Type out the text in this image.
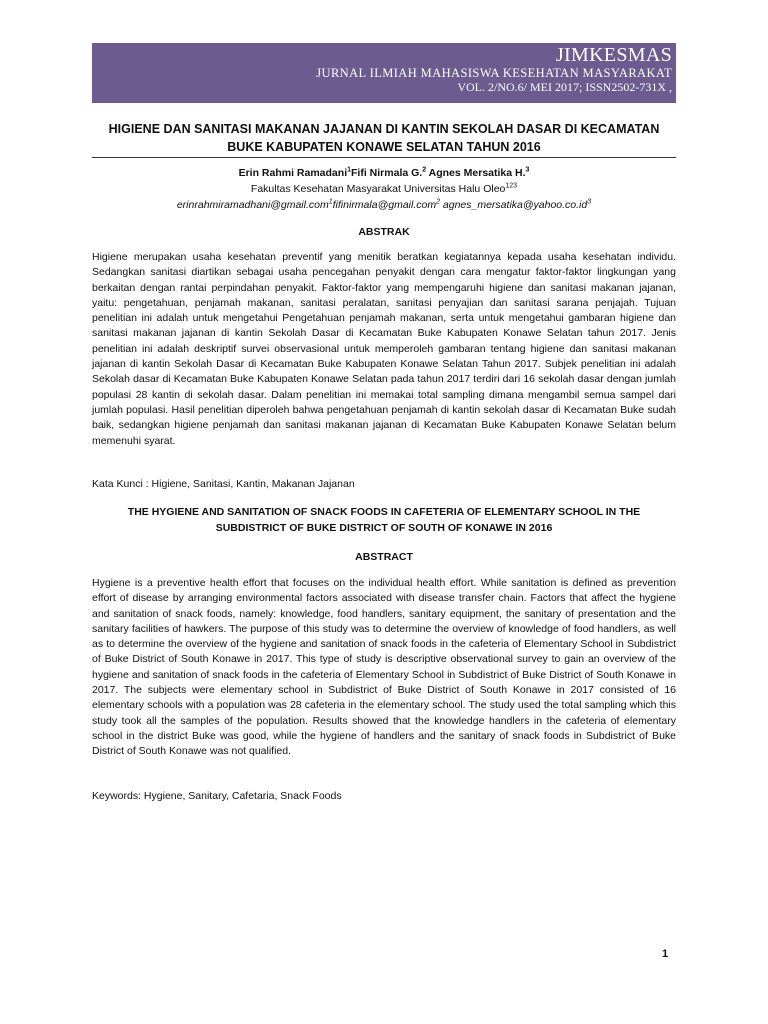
JIMKESMAS
JURNAL ILMIAH MAHASISWA KESEHATAN MASYARAKAT
VOL. 2/NO.6/ MEI 2017; ISSN2502-731X ,
HIGIENE DAN SANITASI MAKANAN JAJANAN DI KANTIN SEKOLAH DASAR DI KECAMATAN
BUKE KABUPATEN KONAWE SELATAN TAHUN 2016
Erin Rahmi Ramadani$^1$Fifi Nirmala G.$^2$ Agnes Mersatika H.$^3$
Fakultas Kesehatan Masyarakat Universitas Halu Oleo$^{123}$
erinrahmiramadhani@gmail.com$^1$fifinirmala@gmail.com$^2$ $agnes\_mersatika@yahoo.co.id^3$
ABSTRAK

Higiene merupakan usaha kesehatan preventif yang menitik beratkan kegiatannya kepada usaha kesehatan individu. Sedangkan sanitasi diartikan sebagai usaha pencegahan penyakit dengan cara mengatur faktor-faktor lingkungan yang berkaitan dengan rantai perpindahan penyakit. Faktor-faktor yang mempengaruhi higiene dan sanitasi makanan jajanan, yaitu: pengetahuan, penjamah makanan, sanitasi peralatan, sanitasi penyajian dan sanitasi sarana penjajah. Tujuan penelitian ini adalah untuk mengetahui Pengetahuan penjamah makanan, serta untuk mengetahui gambaran higiene dan sanitasi makanan jajanan di kantin Sekolah Dasar di Kecamatan Buke Kabupaten Konawe Selatan tahun 2017. Jenis penelitian ini adalah deskriptif survei observasional untuk memperoleh gambaran tentang higiene dan sanitasi makanan jajanan di kantin Sekolah Dasar di Kecamatan Buke Kabupaten Konawe Selatan Tahun 2017. Subjek penelitian ini adalah Sekolah dasar di Kecamatan Buke Kabupaten Konawe Selatan pada tahun 2017 terdiri dari 16 sekolah dasar dengan jumlah populasi 28 kantin di sekolah dasar. Dalam penelitian ini memakai total sampling dimana mengambil semua sampel dari jumlah populasi. Hasil penelitian diperoleh bahwa pengetahuan penjamah di kantin sekolah dasar di Kecamatan Buke sudah baik, sedangkan higiene penjamah dan sanitasi makanan jajanan di Kecamatan Buke Kabupaten Konawe Selatan belum memenuhi syarat.

Kata Kunci : Higiene, Sanitasi, Kantin, Makanan Jajanan
THE HYGIENE AND SANITATION OF SNACK FOODS IN CAFETERIA OF ELEMENTARY SCHOOL IN THE
SUBDISTRICT OF BUKE DISTRICT OF SOUTH OF KONAWE IN 2016
ABSTRACT

Hygiene is a preventive health effort that focuses on the individual health effort. While sanitation is defined as prevention effort of disease by arranging environmental factors associated with disease transfer chain. Factors that affect the hygiene and sanitation of snack foods, namely: knowledge, food handlers, sanitary equipment, the sanitary of presentation and the sanitary facilities of hawkers. The purpose of this study was to determine the overview of knowledge of food handlers, as well as to determine the overview of the hygiene and sanitation of snack foods in the cafeteria of Elementary School in Subdistrict of Buke District of South Konawe in 2017. This type of study is descriptive observational survey to gain an overview of the hygiene and sanitation of snack foods in the cafeteria of Elementary School in Subdistrict of Buke District of South Konawe in 2017. The subjects were elementary school in Subdistrict of Buke District of South Konawe in 2017 consisted of 16 elementary schools with a population was 28 cafeteria in the elementary school. The study used the total sampling which this study took all the samples of the population. Results showed that the knowledge handlers in the cafeteria of elementary school in the district Buke was good, while the hygiene of handlers and the sanitary of snack foods in Subdistrict of Buke District of South Konawe was not qualified.

Keywords: Hygiene, Sanitary, Cafetaria, Snack Foods
1
